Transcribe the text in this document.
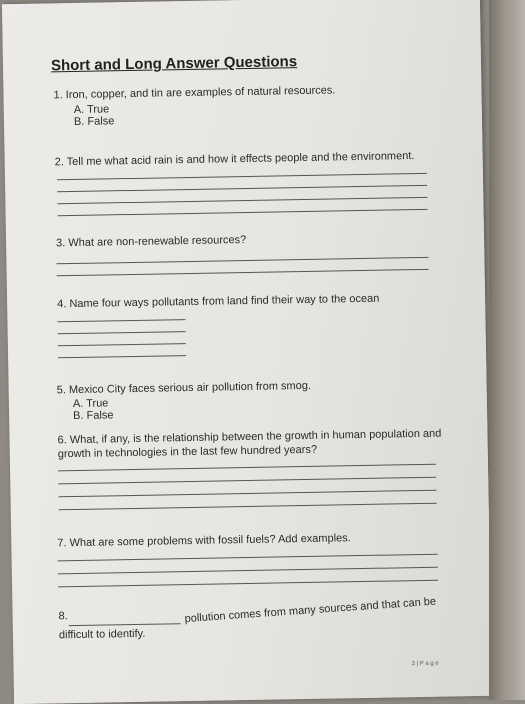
Short and Long Answer Questions
1. Iron, copper, and tin are examples of natural resources.
A. True
B. False
2. Tell me what acid rain is and how it effects people and the environment.
3. What are non-renewable resources?
4. Name four ways pollutants from land find their way to the ocean
5. Mexico City faces serious air pollution from smog.
A. True
B. False
6. What, if any, is the relationship between the growth in human population and
growth in technologies in the last few hundred years?
7. What are some problems with fossil fuels? Add examples.
8.	pollution comes from many sources and that can be
difficult to identify.
3 | P a g e
